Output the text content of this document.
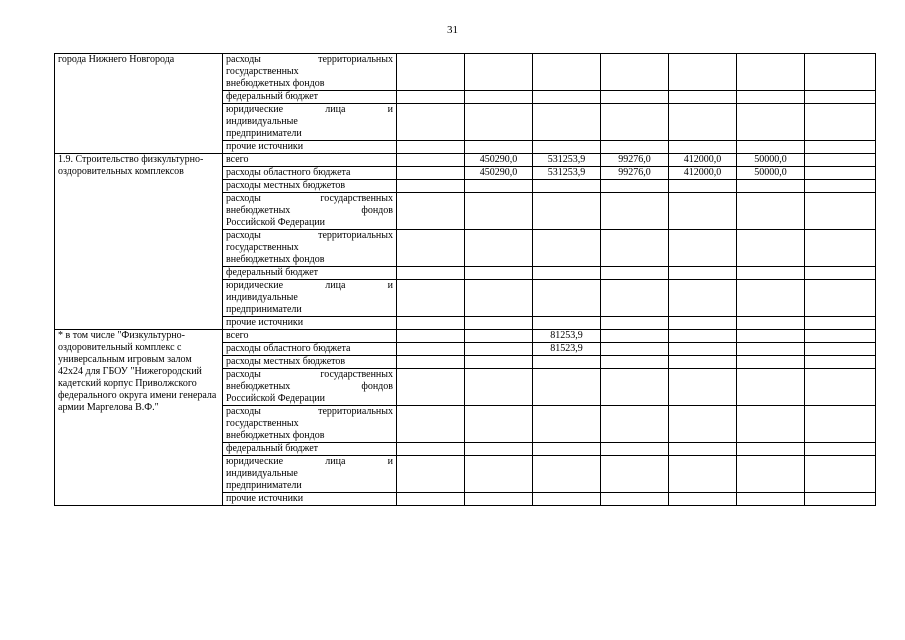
31
города Нижнего Новгорода	расходы территориальных
государственных
внебюджетных фондов							

	федеральный бюджет							

	юридические лица и
индивидуальные
предприниматели							

	прочие источники							

1.9. Строительство физкультурно-оздоровительных комплексов	всего		450290,0	531253,9	99276,0	412000,0	50000,0	

	расходы областного бюджета		450290,0	531253,9	99276,0	412000,0	50000,0	

	расходы местных бюджетов							

	расходы государственных
внебюджетных фондов
Российской Федерации							

	расходы территориальных
государственных
внебюджетных фондов							

	федеральный бюджет							

	юридические лица и
индивидуальные
предприниматели							

	прочие источники							

* в том числе "Физкультурно-оздоровительный комплекс с универсальным игровым залом 42х24 для ГБОУ "Нижегородский кадетский корпус Приволжского федерального округа имени генерала армии Маргелова В.Ф."	всего			81253,9				

	расходы областного бюджета			81523,9				

	расходы местных бюджетов							

	расходы государственных
внебюджетных фондов
Российской Федерации							

	расходы территориальных
государственных
внебюджетных фондов							

	федеральный бюджет							

	юридические лица и
индивидуальные
предприниматели							

	прочие источники							
